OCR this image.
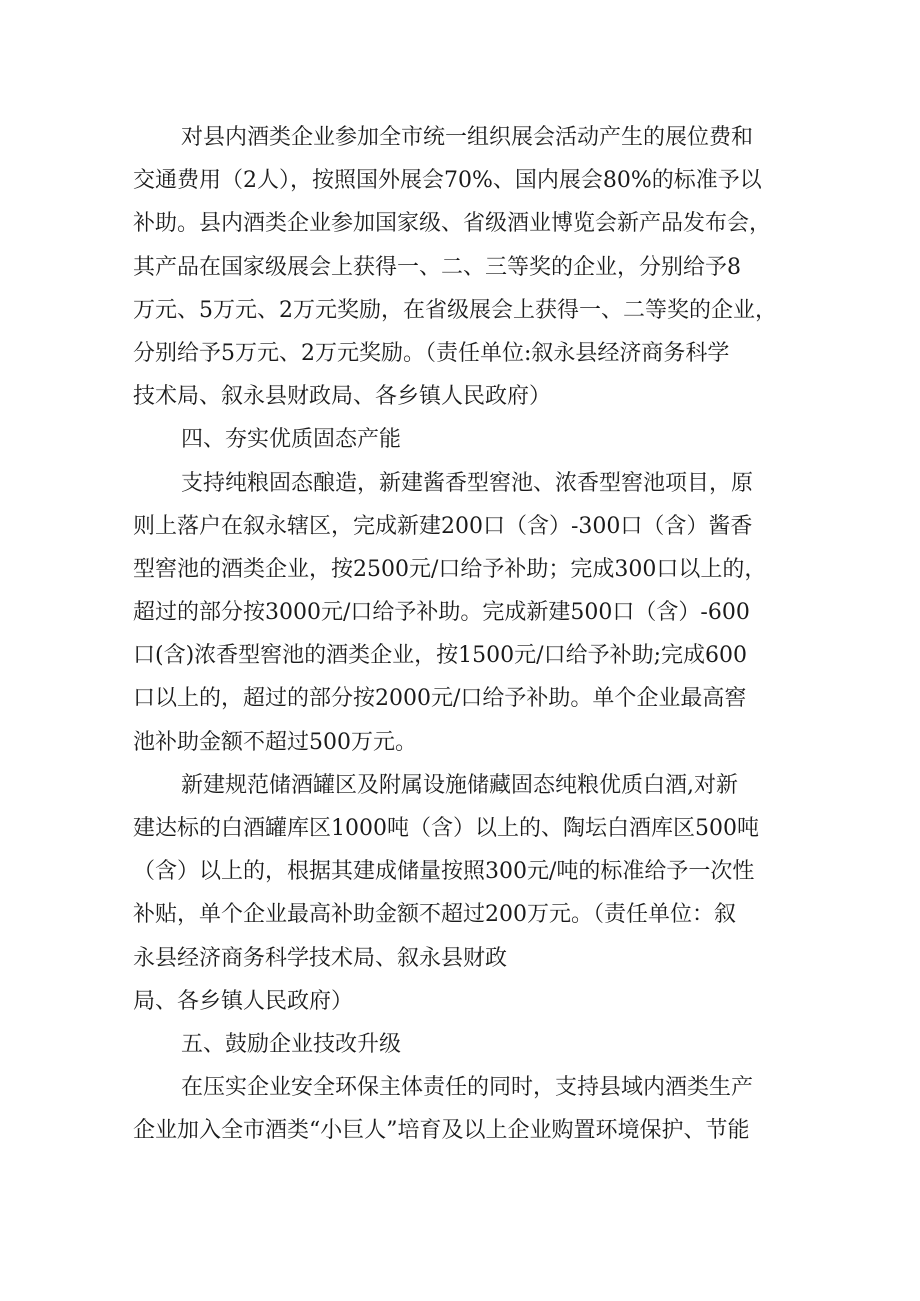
对县内酒类企业参加全市统一组织展会活动产生的展位费和
交通费用（2人），按照国外展会70%、国内展会80%的标准予以
补助。县内酒类企业参加国家级、省级酒业博览会新产品发布会，
其产品在国家级展会上获得一、二、三等奖的企业，分别给予8
万元、5万元、2万元奖励，在省级展会上获得一、二等奖的企业，
分别给予5万元、2万元奖励。（责任单位:叙永县经济商务科学
技术局、叙永县财政局、各乡镇人民政府）
四、夯实优质固态产能
支持纯粮固态酿造，新建酱香型窖池、浓香型窖池项目，原
则上落户在叙永辖区，完成新建200口（含）-300口（含）酱香
型窖池的酒类企业，按2500元/口给予补助；完成300口以上的，
超过的部分按3000元/口给予补助。完成新建500口（含）-600
口(含)浓香型窖池的酒类企业，按1500元/口给予补助;完成600
口以上的，超过的部分按2000元/口给予补助。单个企业最高窖
池补助金额不超过500万元。
新建规范储酒罐区及附属设施储藏固态纯粮优质白酒,对新
建达标的白酒罐库区1000吨（含）以上的、陶坛白酒库区500吨
（含）以上的，根据其建成储量按照300元/吨的标准给予一次性
补贴，单个企业最高补助金额不超过200万元。（责任单位：叙
永县经济商务科学技术局、叙永县财政
局、各乡镇人民政府）
五、鼓励企业技改升级
在压实企业安全环保主体责任的同时，支持县域内酒类生产
企业加入全市酒类“小巨人”培育及以上企业购置环境保护、节能
